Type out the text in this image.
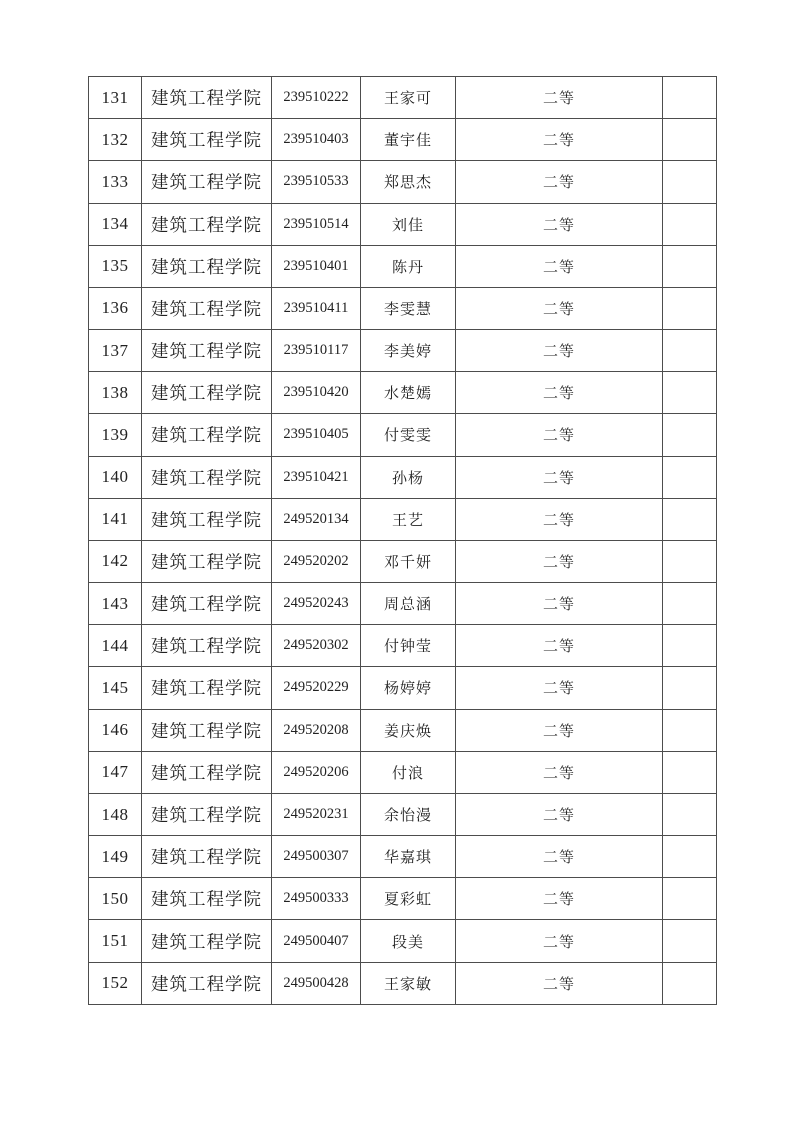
131	建筑工程学院	239510222	王家可	二等	
132	建筑工程学院	239510403	董宇佳	二等	
133	建筑工程学院	239510533	郑思杰	二等	
134	建筑工程学院	239510514	刘佳	二等	
135	建筑工程学院	239510401	陈丹	二等	
136	建筑工程学院	239510411	李雯慧	二等	
137	建筑工程学院	239510117	李美婷	二等	
138	建筑工程学院	239510420	水楚嫣	二等	
139	建筑工程学院	239510405	付雯雯	二等	
140	建筑工程学院	239510421	孙杨	二等	
141	建筑工程学院	249520134	王艺	二等	
142	建筑工程学院	249520202	邓千妍	二等	
143	建筑工程学院	249520243	周总涵	二等	
144	建筑工程学院	249520302	付钟莹	二等	
145	建筑工程学院	249520229	杨婷婷	二等	
146	建筑工程学院	249520208	姜庆焕	二等	
147	建筑工程学院	249520206	付浪	二等	
148	建筑工程学院	249520231	余怡漫	二等	
149	建筑工程学院	249500307	华嘉琪	二等	
150	建筑工程学院	249500333	夏彩虹	二等	
151	建筑工程学院	249500407	段美	二等	
152	建筑工程学院	249500428	王家敏	二等	
